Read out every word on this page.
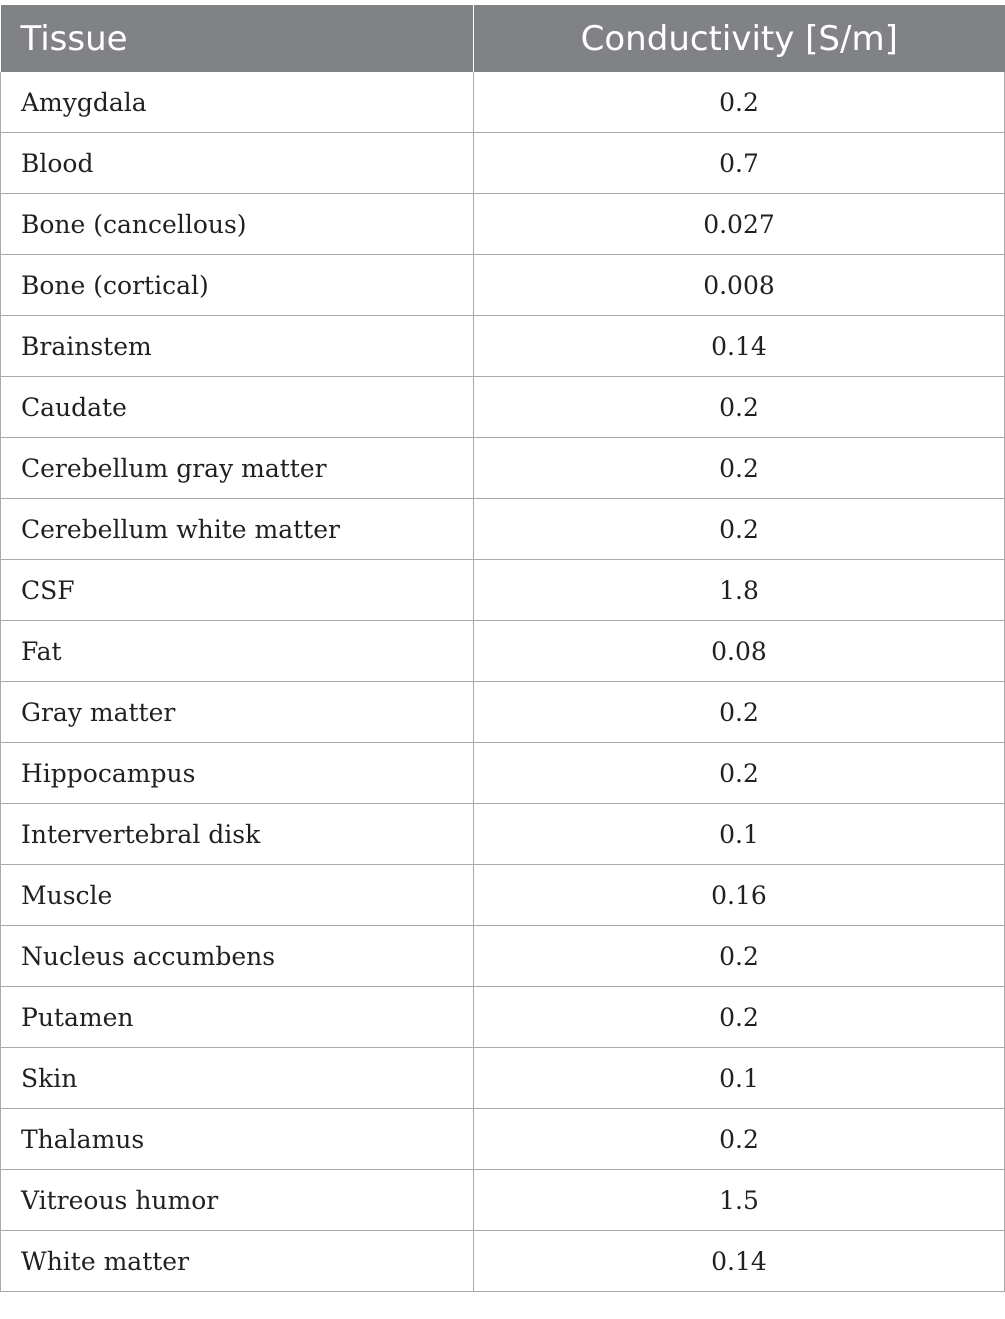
Tissue	Conductivity [S/m]
Amygdala	0.2
Blood	0.7
Bone (cancellous)	0.027
Bone (cortical)	0.008
Brainstem	0.14
Caudate	0.2
Cerebellum gray matter	0.2
Cerebellum white matter	0.2
CSF	1.8
Fat	0.08
Gray matter	0.2
Hippocampus	0.2
Intervertebral disk	0.1
Muscle	0.16
Nucleus accumbens	0.2
Putamen	0.2
Skin	0.1
Thalamus	0.2
Vitreous humor	1.5
White matter	0.14
